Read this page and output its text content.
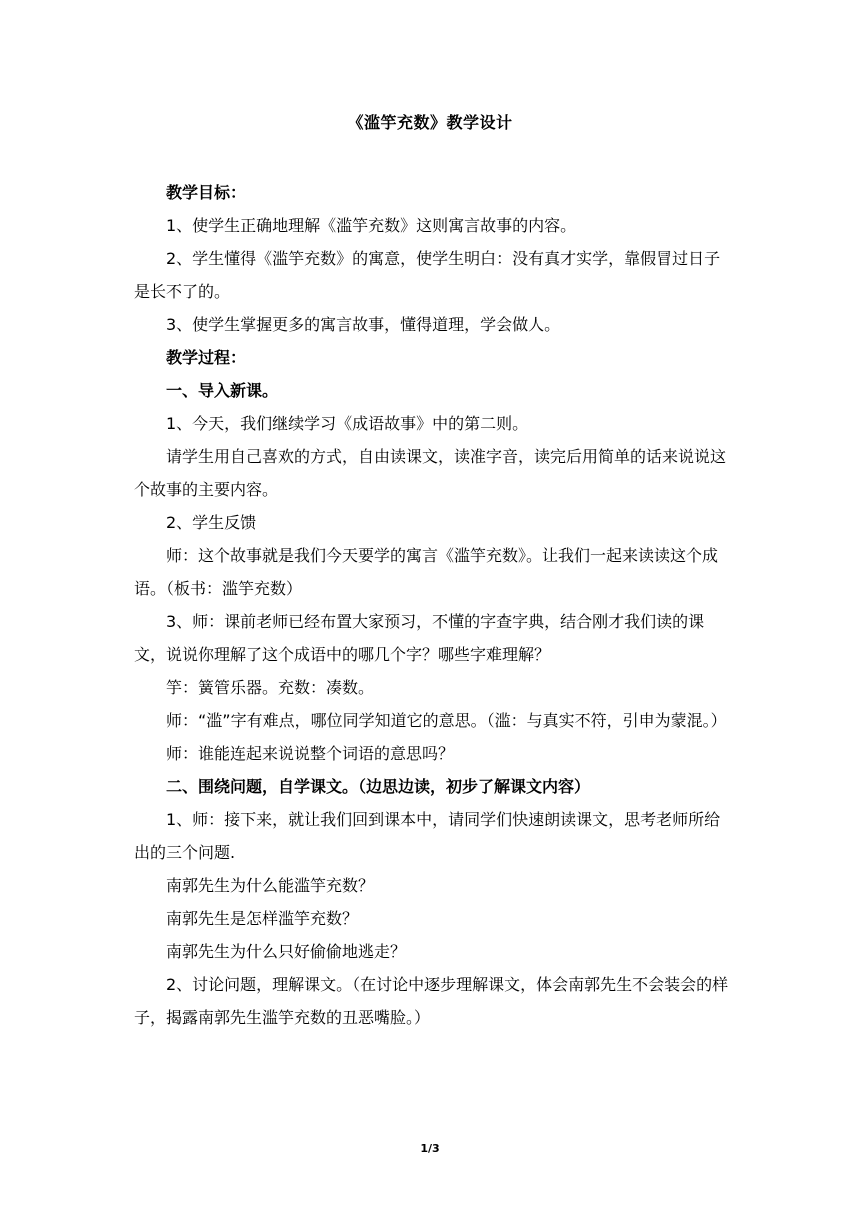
《滥竽充数》教学设计

教学目标：

1、使学生正确地理解《滥竽充数》这则寓言故事的内容。

2、学生懂得《滥竽充数》的寓意，使学生明白：没有真才实学，靠假冒过日子是长不了的。

3、使学生掌握更多的寓言故事，懂得道理，学会做人。

教学过程：

一、导入新课。

1、今天，我们继续学习《成语故事》中的第二则。

请学生用自己喜欢的方式，自由读课文，读准字音，读完后用简单的话来说说这个故事的主要内容。

2、学生反馈

师：这个故事就是我们今天要学的寓言《滥竽充数》。让我们一起来读读这个成语。（板书：滥竽充数）

3、师：课前老师已经布置大家预习，不懂的字查字典，结合刚才我们读的课文，说说你理解了这个成语中的哪几个字？哪些字难理解？

竽：簧管乐器。充数：凑数。

师：“滥”字有难点，哪位同学知道它的意思。（滥：与真实不符，引申为蒙混。）

师：谁能连起来说说整个词语的意思吗？

二、围绕问题，自学课文。（边思边读，初步了解课文内容）

1、师：接下来，就让我们回到课本中，请同学们快速朗读课文，思考老师所给出的三个问题.

南郭先生为什么能滥竽充数？

南郭先生是怎样滥竽充数？

南郭先生为什么只好偷偷地逃走？

2、讨论问题，理解课文。（在讨论中逐步理解课文，体会南郭先生不会装会的样子，揭露南郭先生滥竽充数的丑恶嘴脸。）

1/3
